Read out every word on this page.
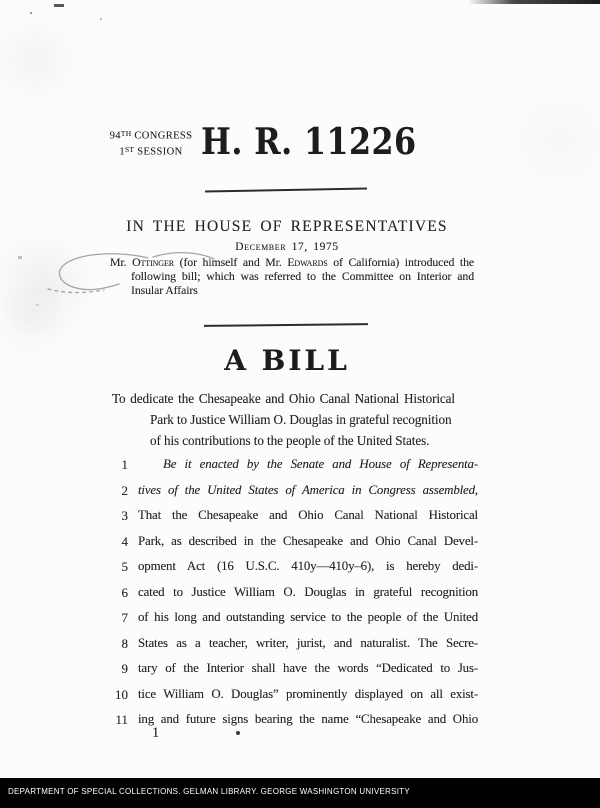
94TH CONGRESS
1ST SESSION H. R. 11226
IN THE HOUSE OF REPRESENTATIVES
December 17, 1975
Mr. Ottinger (for himself and Mr. Edwards of California) introduced the
following bill; which was referred to the Committee on Interior and
Insular Affairs
A BILL
To dedicate the Chesapeake and Ohio Canal National Historical
Park to Justice William O. Douglas in grateful recognition
of his contributions to the people of the United States.
1	Be it enacted by the Senate and House of Representa-
2 tives of the United States of America in Congress assembled,
3 That the Chesapeake and Ohio Canal National Historical
4 Park, as described in the Chesapeake and Ohio Canal Devel-
5 opment Act (16 U.S.C. 410y—410y–6), is hereby dedi-
6 cated to Justice William O. Douglas in grateful recognition
7 of his long and outstanding service to the people of the United
8 States as a teacher, writer, jurist, and naturalist. The Secre-
9 tary of the Interior shall have the words “Dedicated to Jus-
10 tice William O. Douglas” prominently displayed on all exist-
11 ing and future signs bearing the name “Chesapeake and Ohio
1
DEPARTMENT OF SPECIAL COLLECTIONS. GELMAN LIBRARY. GEORGE WASHINGTON UNIVERSITY
